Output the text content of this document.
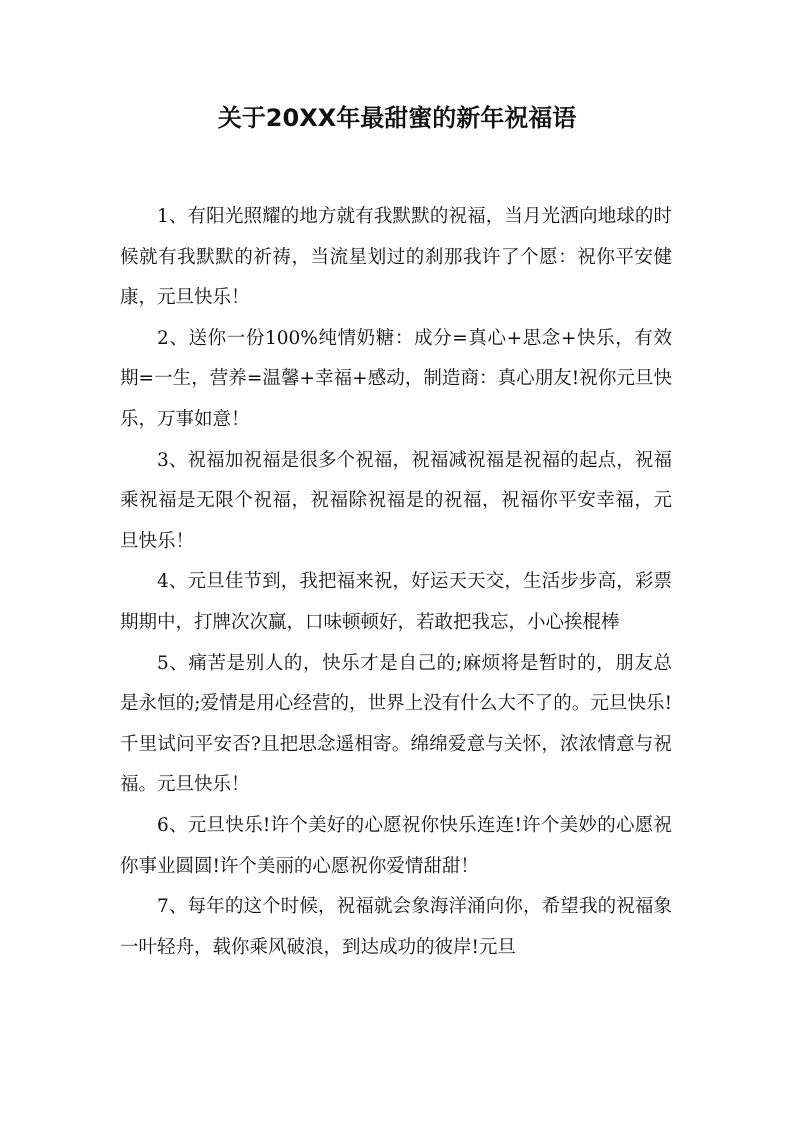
关于20XX年最甜蜜的新年祝福语

1、有阳光照耀的地方就有我默默的祝福，当月光洒向地球的时候就有我默默的祈祷，当流星划过的刹那我许了个愿：祝你平安健康，元旦快乐！

2、送你一份100%纯情奶糖：成分=真心+思念+快乐，有效期=一生，营养=温馨+幸福+感动，制造商：真心朋友!祝你元旦快乐，万事如意！

3、祝福加祝福是很多个祝福，祝福减祝福是祝福的起点，祝福乘祝福是无限个祝福，祝福除祝福是的祝福，祝福你平安幸福，元旦快乐！

4、元旦佳节到，我把福来祝，好运天天交，生活步步高，彩票期期中，打牌次次赢，口味顿顿好，若敢把我忘，小心挨棍棒

5、痛苦是别人的，快乐才是自己的;麻烦将是暂时的，朋友总是永恒的;爱情是用心经营的，世界上没有什么大不了的。元旦快乐!千里试问平安否?且把思念遥相寄。绵绵爱意与关怀，浓浓情意与祝福。元旦快乐！

6、元旦快乐!许个美好的心愿祝你快乐连连!许个美妙的心愿祝你事业圆圆!许个美丽的心愿祝你爱情甜甜！

7、每年的这个时候，祝福就会象海洋涌向你，希望我的祝福象一叶轻舟，载你乘风破浪，到达成功的彼岸!元旦
